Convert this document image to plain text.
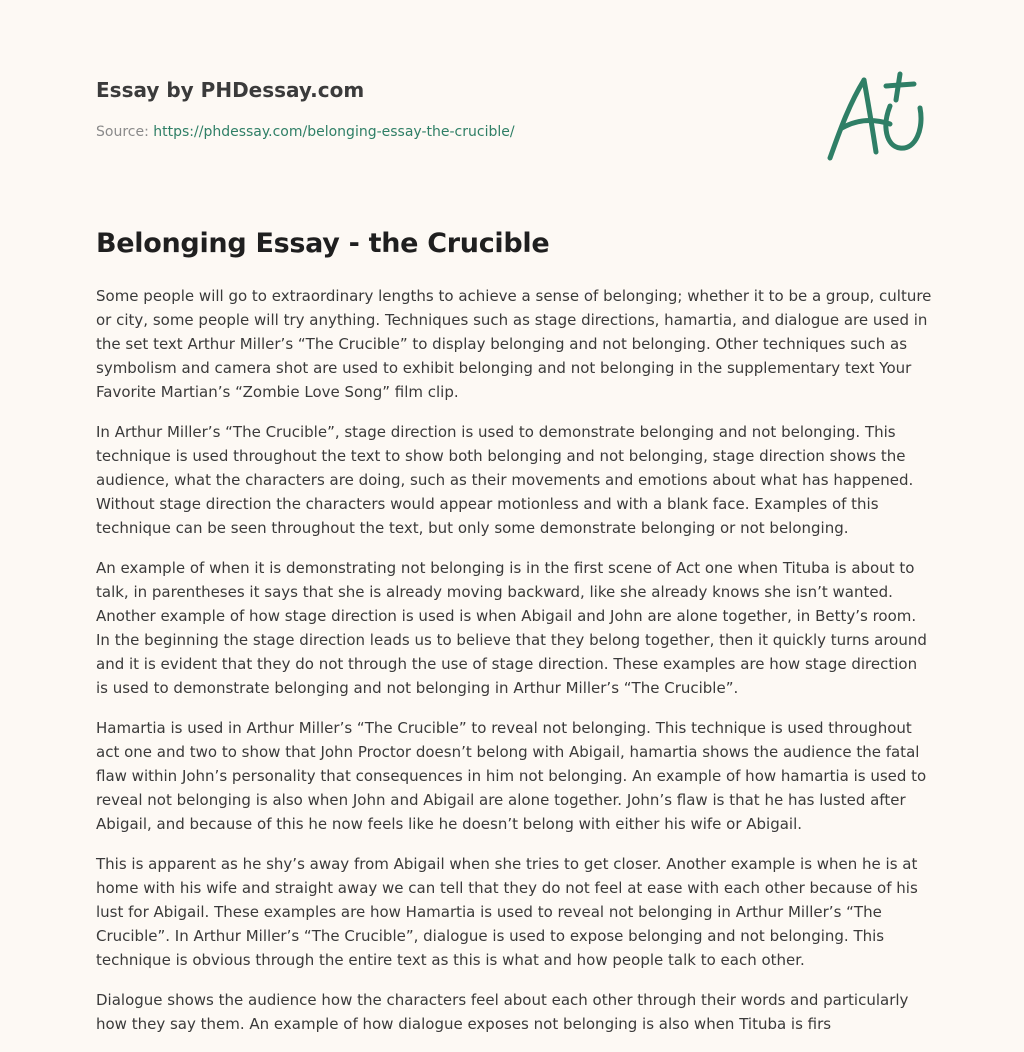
Essay by PHDessay.com
Source: https://phdessay.com/belonging-essay-the-crucible/
Belonging Essay - the Crucible

Some people will go to extraordinary lengths to achieve a sense of belonging; whether it to be a group, culture or city, some people will try anything. Techniques such as stage directions, hamartia, and dialogue are used in the set text Arthur Miller’s “The Crucible” to display belonging and not belonging. Other techniques such as symbolism and camera shot are used to exhibit belonging and not belonging in the supplementary text Your Favorite Martian’s “Zombie Love Song” film clip.

In Arthur Miller’s “The Crucible”, stage direction is used to demonstrate belonging and not belonging. This technique is used throughout the text to show both belonging and not belonging, stage direction shows the audience, what the characters are doing, such as their movements and emotions about what has happened. Without stage direction the characters would appear motionless and with a blank face. Examples of this technique can be seen throughout the text, but only some demonstrate belonging or not belonging.

An example of when it is demonstrating not belonging is in the first scene of Act one when Tituba is about to talk, in parentheses it says that she is already moving backward, like she already knows she isn’t wanted. Another example of how stage direction is used is when Abigail and John are alone together, in Betty’s room. In the beginning the stage direction leads us to believe that they belong together, then it quickly turns around and it is evident that they do not through the use of stage direction. These examples are how stage direction is used to demonstrate belonging and not belonging in Arthur Miller’s “The Crucible”.

Hamartia is used in Arthur Miller’s “The Crucible” to reveal not belonging. This technique is used throughout act one and two to show that John Proctor doesn’t belong with Abigail, hamartia shows the audience the fatal flaw within John’s personality that consequences in him not belonging. An example of how hamartia is used to reveal not belonging is also when John and Abigail are alone together. John’s flaw is that he has lusted after Abigail, and because of this he now feels like he doesn’t belong with either his wife or Abigail.

This is apparent as he shy’s away from Abigail when she tries to get closer. Another example is when he is at home with his wife and straight away we can tell that they do not feel at ease with each other because of his lust for Abigail. These examples are how Hamartia is used to reveal not belonging in Arthur Miller’s “The Crucible”. In Arthur Miller’s “The Crucible”, dialogue is used to expose belonging and not belonging. This technique is obvious through the entire text as this is what and how people talk to each other.

Dialogue shows the audience how the characters feel about each other through their words and particularly how they say them. An example of how dialogue exposes not belonging is also when Tituba is firs
